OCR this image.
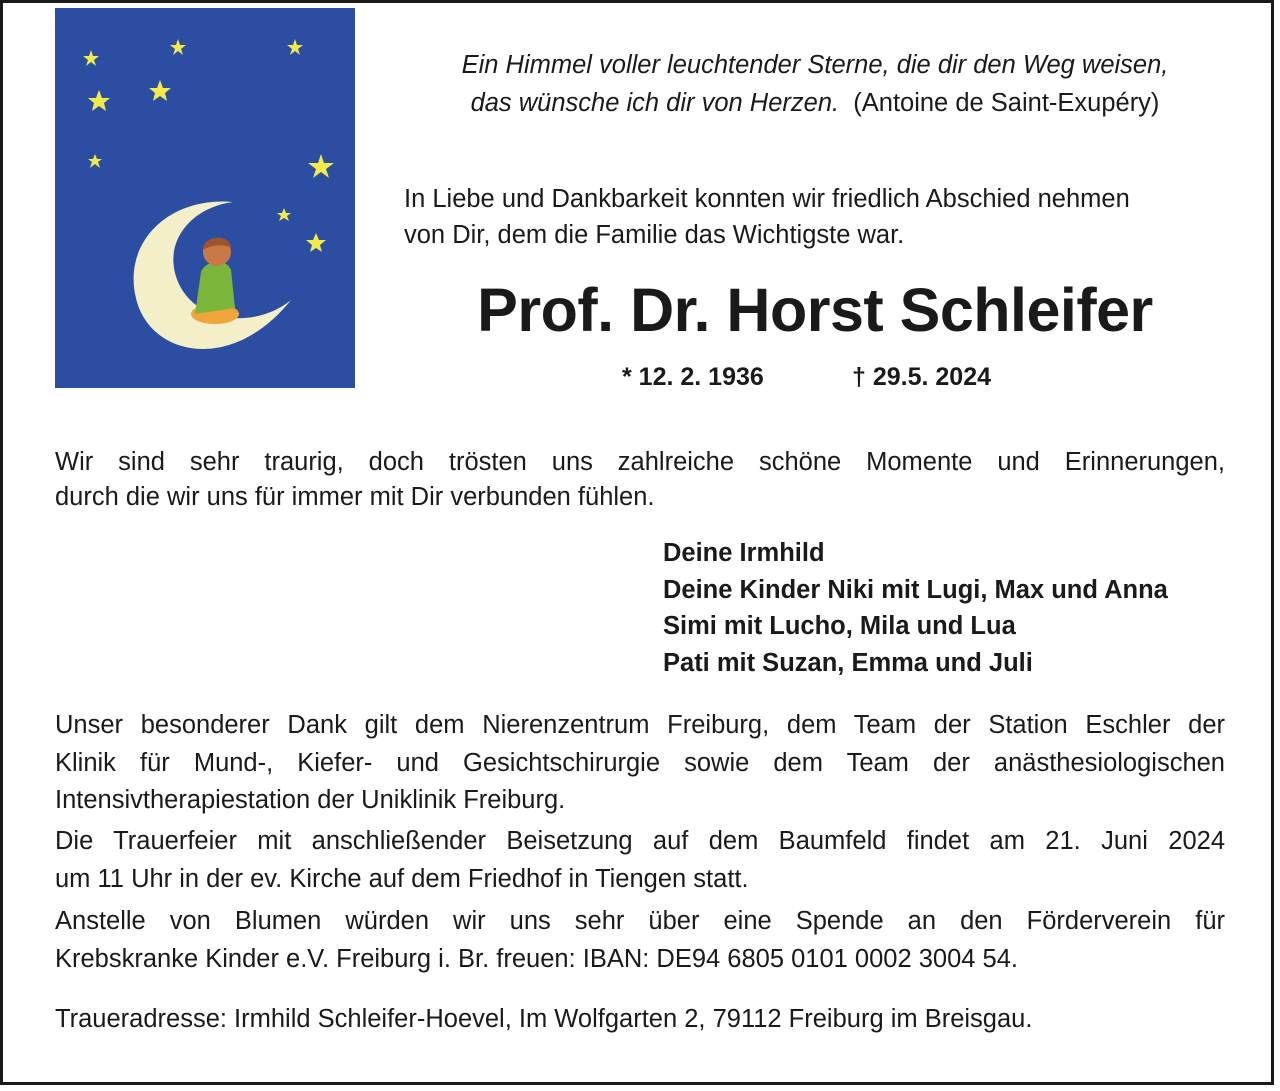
Ein Himmel voller leuchtender Sterne, die dir den Weg weisen,
das wünsche ich dir von Herzen. (Antoine de Saint-Exupéry)
In Liebe und Dankbarkeit konnten wir friedlich Abschied nehmen
von Dir, dem die Familie das Wichtigste war.
Prof. Dr. Horst Schleifer
* 12. 2. 1936	† 29.5. 2024
Wir sind sehr traurig, doch trösten uns zahlreiche schöne Momente und Erinnerungen,
durch die wir uns für immer mit Dir verbunden fühlen.
Deine Irmhild
Deine Kinder Niki mit Lugi, Max und Anna
Simi mit Lucho, Mila und Lua
Pati mit Suzan, Emma und Juli
Unser besonderer Dank gilt dem Nierenzentrum Freiburg, dem Team der Station Eschler der
Klinik für Mund-, Kiefer- und Gesichtschirurgie sowie dem Team der anästhesiologischen
Intensivtherapiestation der Uniklinik Freiburg.
Die Trauerfeier mit anschließender Beisetzung auf dem Baumfeld findet am 21. Juni 2024
um 11 Uhr in der ev. Kirche auf dem Friedhof in Tiengen statt.
Anstelle von Blumen würden wir uns sehr über eine Spende an den Förderverein für
Krebskranke Kinder e.V. Freiburg i. Br. freuen: IBAN: DE94 6805 0101 0002 3004 54.
Traueradresse: Irmhild Schleifer-Hoevel, Im Wolfgarten 2, 79112 Freiburg im Breisgau.
